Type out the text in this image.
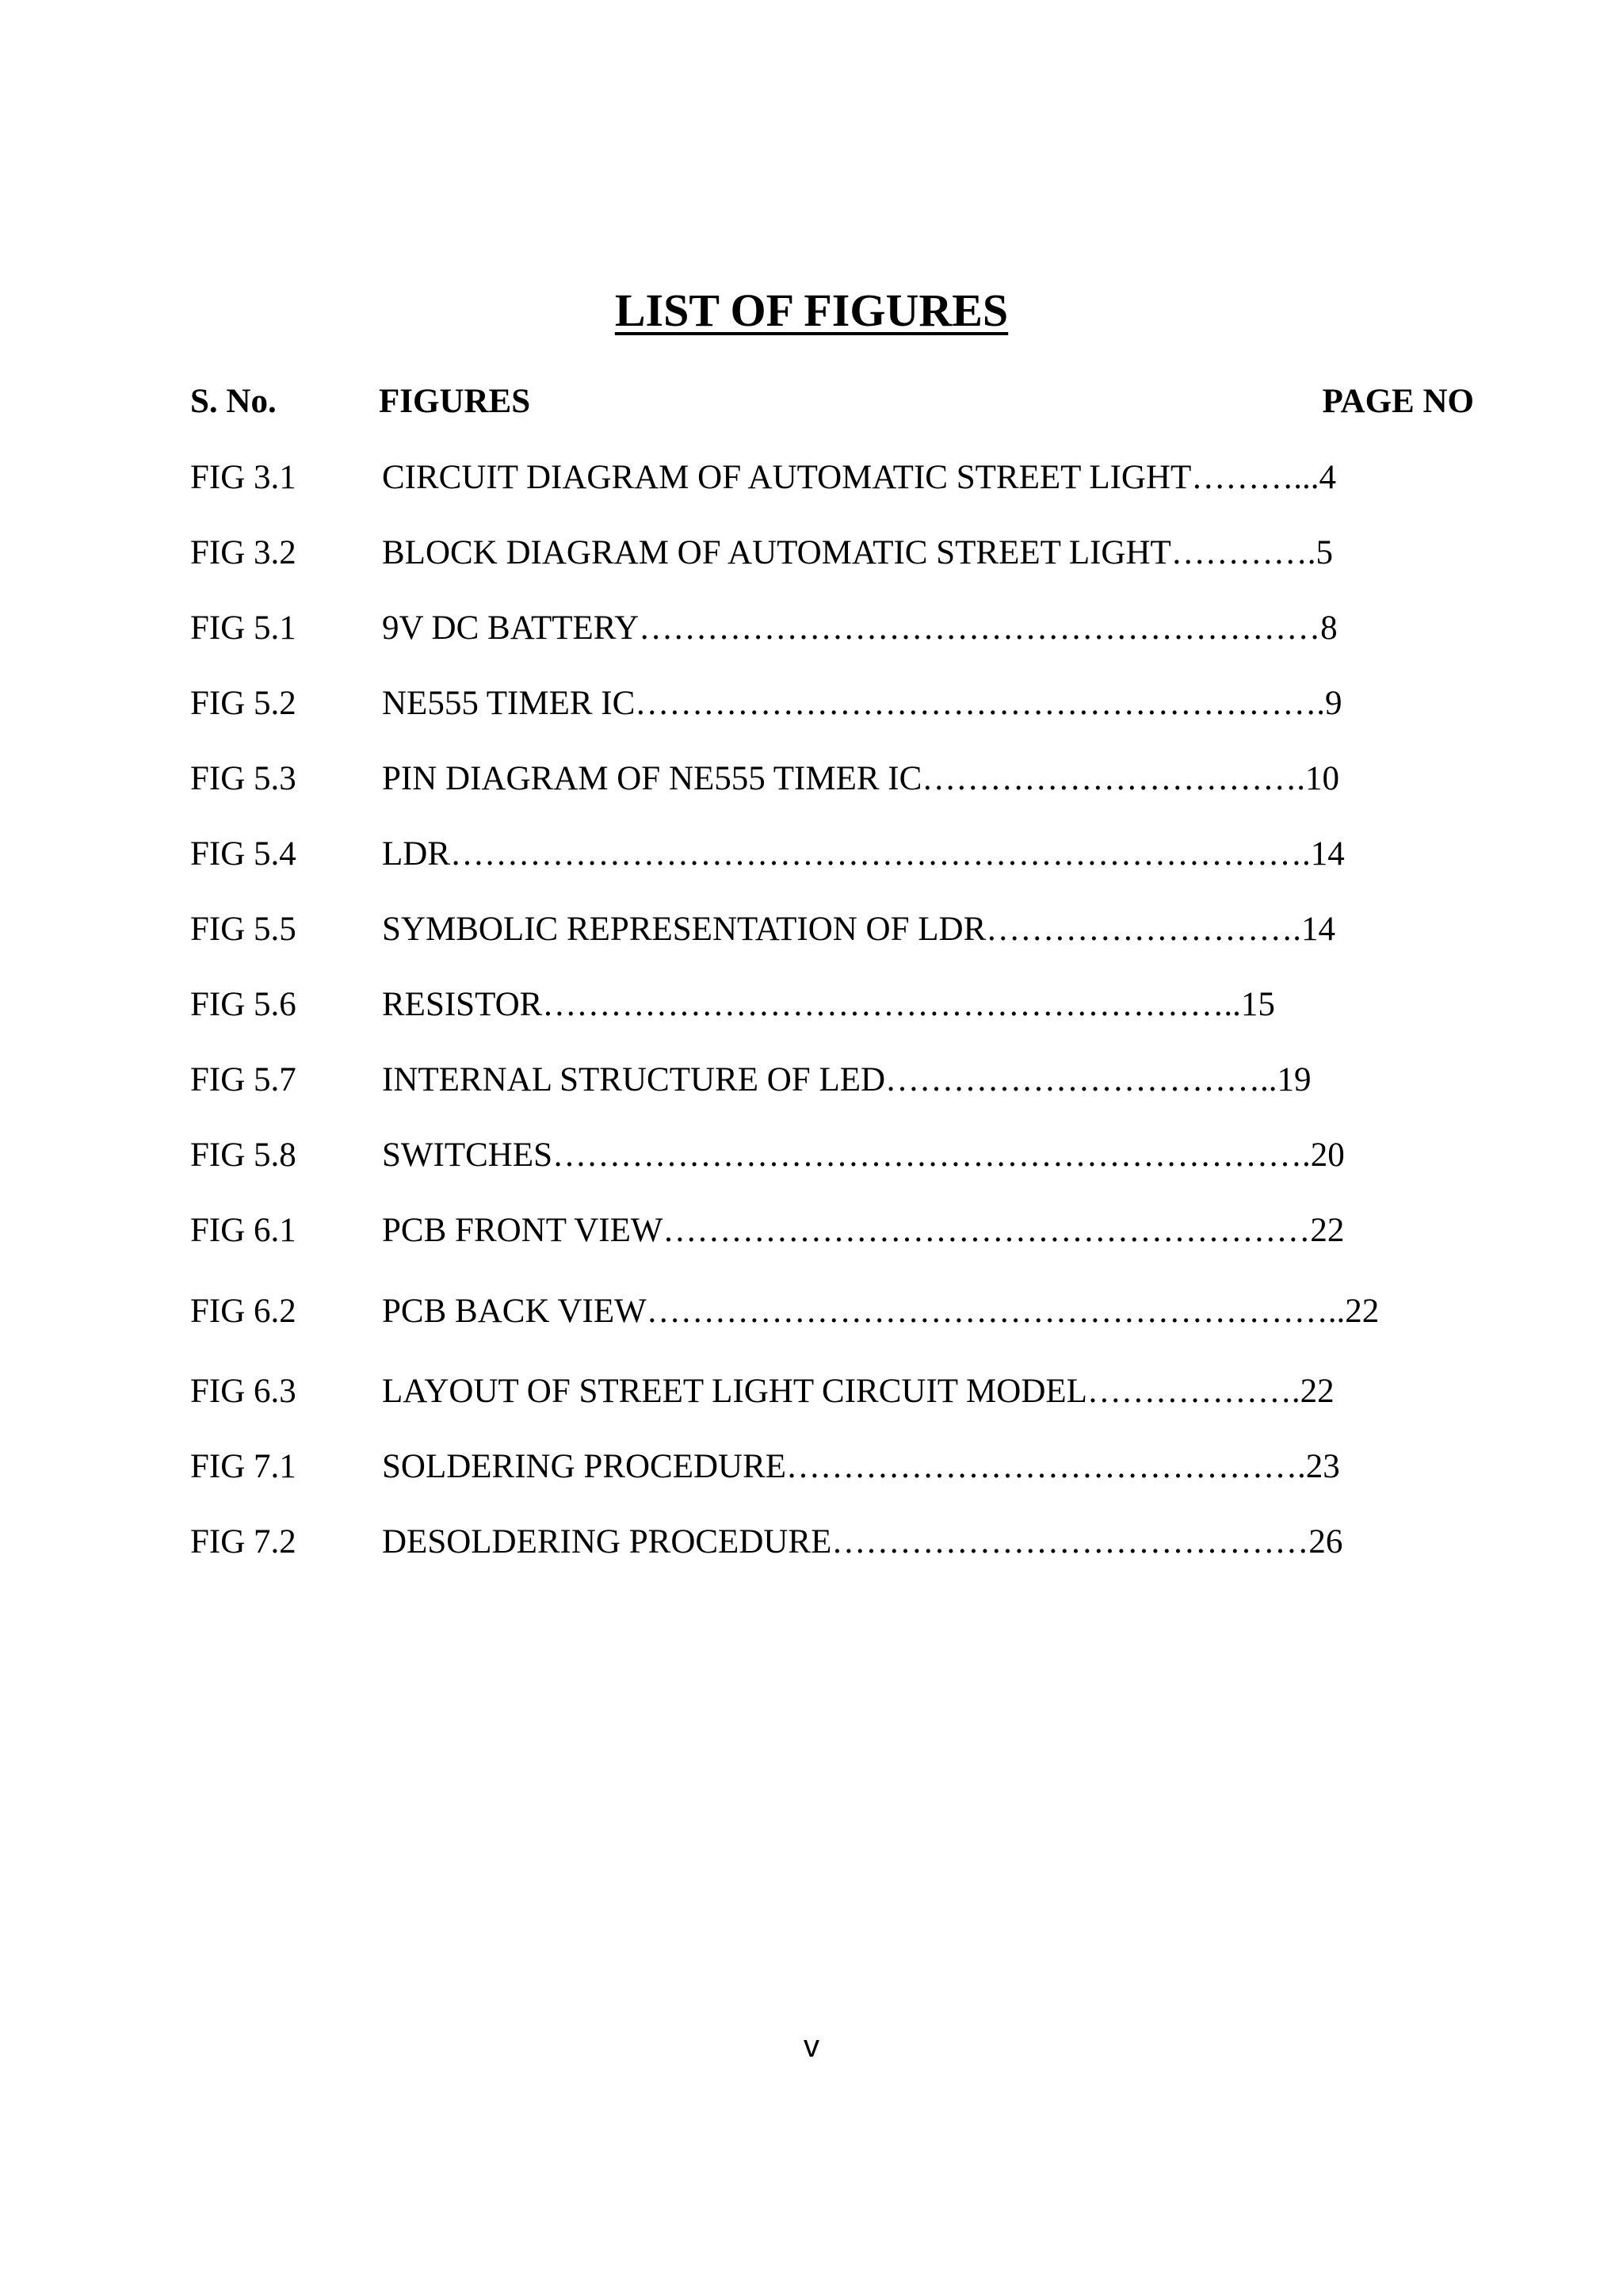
LIST OF FIGURES
S. No.	FIGURES	PAGE NO
FIG 3.1	CIRCUIT DIAGRAM OF AUTOMATIC STREET LIGHT………...4
FIG 3.2	BLOCK DIAGRAM OF AUTOMATIC STREET LIGHT………….5
FIG 5.1	9V DC BATTERY……………………………………………………8
FIG 5.2	NE555 TIMER IC…………………………………………………….9
FIG 5.3	PIN DIAGRAM OF NE555 TIMER IC…………………………….10
FIG 5.4	LDR………………………………………………………………….14
FIG 5.5	SYMBOLIC REPRESENTATION OF LDR……………………….14
FIG 5.6	RESISTOR……………………………………………………..15
FIG 5.7	INTERNAL STRUCTURE OF LED……………………………..19
FIG 5.8	SWITCHES………………………………………………………….20
FIG 6.1	PCB FRONT VIEW…………………………………………………22
FIG 6.2	PCB BACK VIEW……………………………………………………..22
FIG 6.3	LAYOUT OF STREET LIGHT CIRCUIT MODEL……………….22
FIG 7.1	SOLDERING PROCEDURE……………………………………….23
FIG 7.2	DESOLDERING PROCEDURE……………………………………26
v
